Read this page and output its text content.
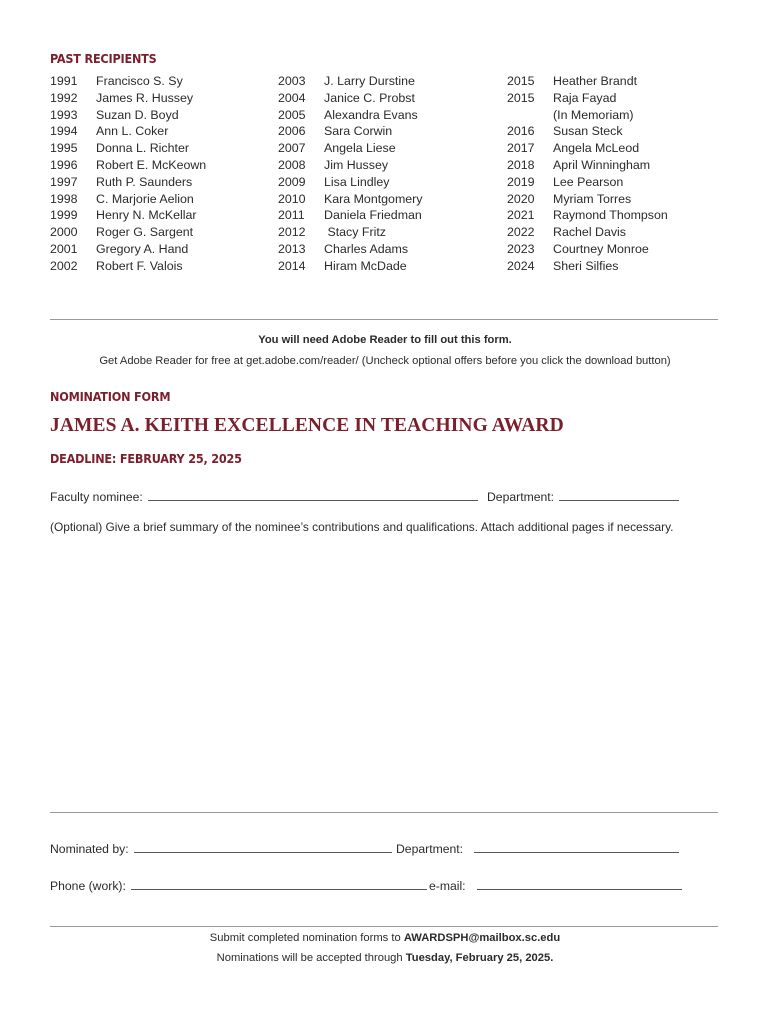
PAST RECIPIENTS
1991	Francisco S. Sy
1992	James R. Hussey
1993	Suzan D. Boyd
1994	Ann L. Coker
1995	Donna L. Richter
1996	Robert E. McKeown
1997	Ruth P. Saunders
1998	C. Marjorie Aelion
1999	Henry N. McKellar
2000	Roger G. Sargent
2001	Gregory A. Hand
2002	Robert F. Valois
2003	J. Larry Durstine
2004	Janice C. Probst
2005	Alexandra Evans
2006	Sara Corwin
2007	Angela Liese
2008	Jim Hussey
2009	Lisa Lindley
2010	Kara Montgomery
2011	Daniela Friedman
2012	Stacy Fritz
2013	Charles Adams
2014	Hiram McDade
2015	Heather Brandt
2015	Raja Fayad
(In Memoriam)
2016	Susan Steck
2017	Angela McLeod
2018	April Winningham
2019	Lee Pearson
2020	Myriam Torres
2021	Raymond Thompson
2022	Rachel Davis
2023	Courtney Monroe
2024	Sheri Silfies
You will need Adobe Reader to fill out this form.
Get Adobe Reader for free at get.adobe.com/reader/ (Uncheck optional offers before you click the download button)
NOMINATION FORM
JAMES A. KEITH EXCELLENCE IN TEACHING AWARD
DEADLINE: FEBRUARY 25, 2025
Faculty nominee:	Department:
(Optional) Give a brief summary of the nominee’s contributions and qualifications. Attach additional pages if necessary.
Nominated by:	Department:
Phone (work):	e-mail:
Submit completed nomination forms to AWARDSPH@mailbox.sc.edu
Nominations will be accepted through Tuesday, February 25, 2025.
